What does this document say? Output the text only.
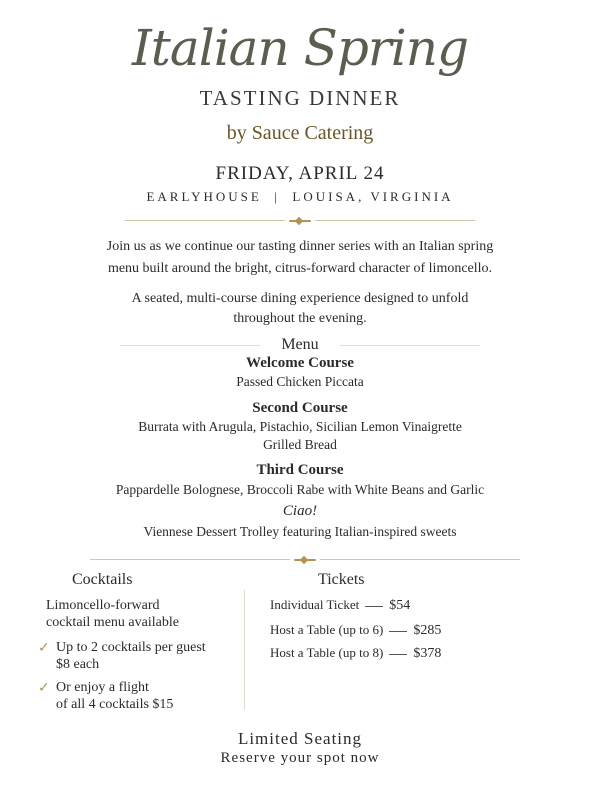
Italian Spring
TASTING DINNER
by Sauce Catering
FRIDAY, APRIL 24
EARLYHOUSE  |  LOUISA, VIRGINIA
Join us as we continue our tasting dinner series with an Italian spring
menu built around the bright, citrus-forward character of limoncello.
A seated, multi-course dining experience designed to unfold
throughout the evening.
Menu
Welcome Course
Passed Chicken Piccata
Second Course
Burrata with Arugula, Pistachio, Sicilian Lemon Vinaigrette
Grilled Bread
Third Course
Pappardelle Bolognese, Broccoli Rabe with White Beans and Garlic
Ciao!
Viennese Dessert Trolley featuring Italian-inspired sweets
Cocktails
Limoncello-forward
cocktail menu available
✓ Up to 2 cocktails per guest
$8 each
✓ Or enjoy a flight
of all 4 cocktails $15
Tickets
Individual Ticket $54
Host a Table (up to 6) $285
Host a Table (up to 8) $378
Limited Seating
Reserve your spot now
